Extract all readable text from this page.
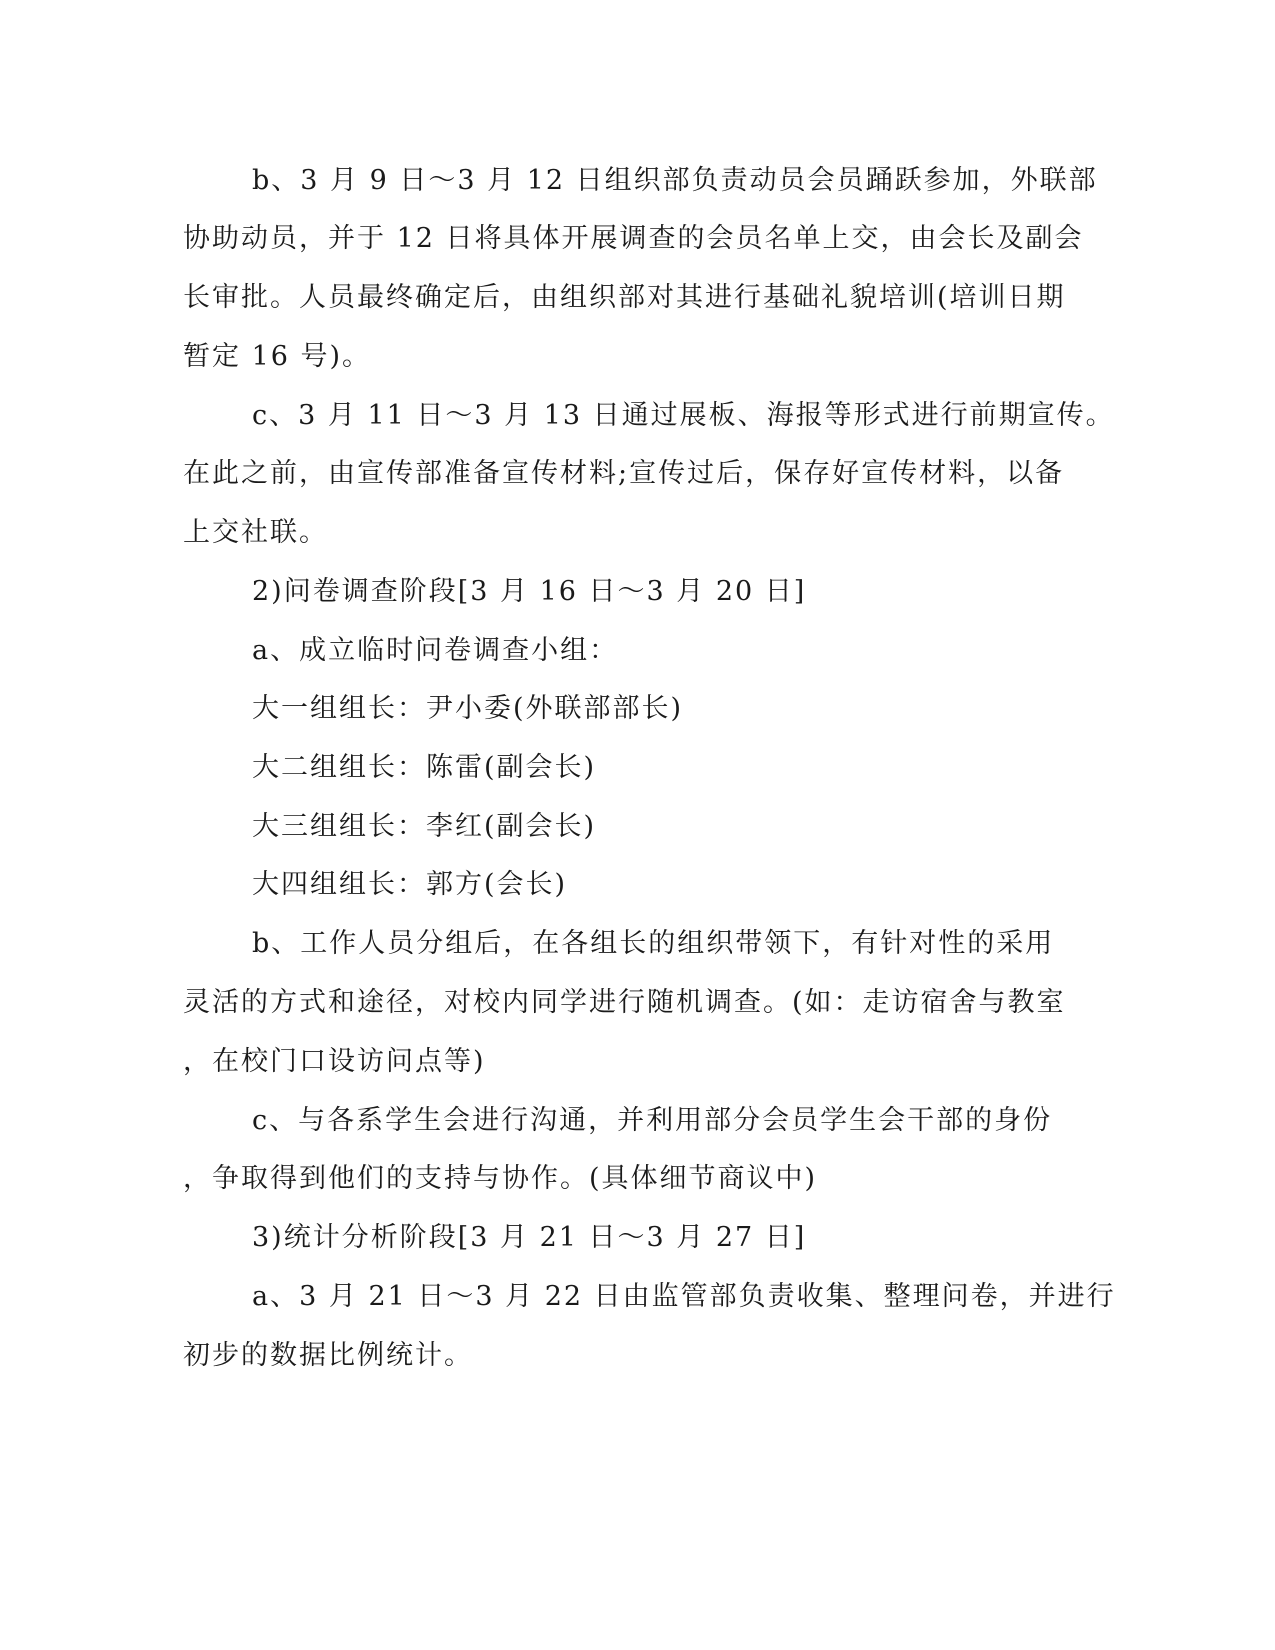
b、3 月 9 日～3 月 12 日组织部负责动员会员踊跃参加，外联部
协助动员，并于 12 日将具体开展调查的会员名单上交，由会长及副会
长审批。人员最终确定后，由组织部对其进行基础礼貌培训(培训日期
暂定 16 号)。
c、3 月 11 日～3 月 13 日通过展板、海报等形式进行前期宣传。
在此之前，由宣传部准备宣传材料;宣传过后，保存好宣传材料，以备
上交社联。
2)问卷调查阶段[3 月 16 日～3 月 20 日]
a、成立临时问卷调查小组：
大一组组长：尹小委(外联部部长)
大二组组长：陈雷(副会长)
大三组组长：李红(副会长)
大四组组长：郭方(会长)
b、工作人员分组后，在各组长的组织带领下，有针对性的采用
灵活的方式和途径，对校内同学进行随机调查。(如：走访宿舍与教室
，在校门口设访问点等)
c、与各系学生会进行沟通，并利用部分会员学生会干部的身份
，争取得到他们的支持与协作。(具体细节商议中)
3)统计分析阶段[3 月 21 日～3 月 27 日]
a、3 月 21 日～3 月 22 日由监管部负责收集、整理问卷，并进行
初步的数据比例统计。
